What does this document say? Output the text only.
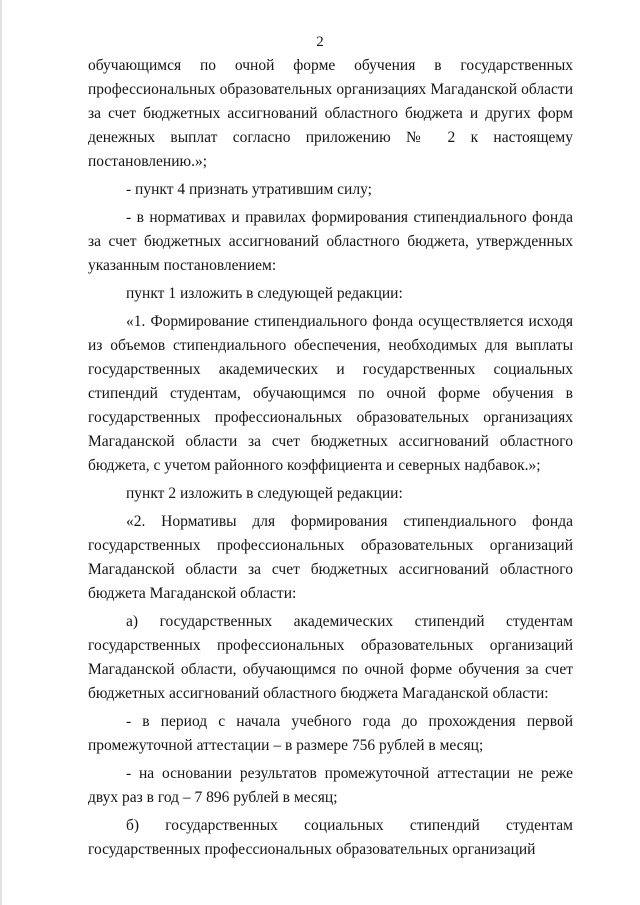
2

обучающимся по очной форме обучения в государственных профессиональных образовательных организациях Магаданской области за счет бюджетных ассигнований областного бюджета и других форм денежных выплат согласно приложению № 2 к настоящему постановлению.»;

- пункт 4 признать утратившим силу;

- в нормативах и правилах формирования стипендиального фонда за счет бюджетных ассигнований областного бюджета, утвержденных указанным постановлением:

пункт 1 изложить в следующей редакции:

«1. Формирование стипендиального фонда осуществляется исходя из объемов стипендиального обеспечения, необходимых для выплаты государственных академических и государственных социальных стипендий студентам, обучающимся по очной форме обучения в государственных профессиональных образовательных организациях Магаданской области за счет бюджетных ассигнований областного бюджета, с учетом районного коэффициента и северных надбавок.»;

пункт 2 изложить в следующей редакции:

«2. Нормативы для формирования стипендиального фонда государственных профессиональных образовательных организаций Магаданской области за счет бюджетных ассигнований областного бюджета Магаданской области:

а) государственных академических стипендий студентам государственных профессиональных образовательных организаций Магаданской области, обучающимся по очной форме обучения за счет бюджетных ассигнований областного бюджета Магаданской области:

- в период с начала учебного года до прохождения первой промежуточной аттестации – в размере 756 рублей в месяц;

- на основании результатов промежуточной аттестации не реже двух раз в год – 7 896 рублей в месяц;

б) государственных социальных стипендий студентам государственных профессиональных образовательных организаций
